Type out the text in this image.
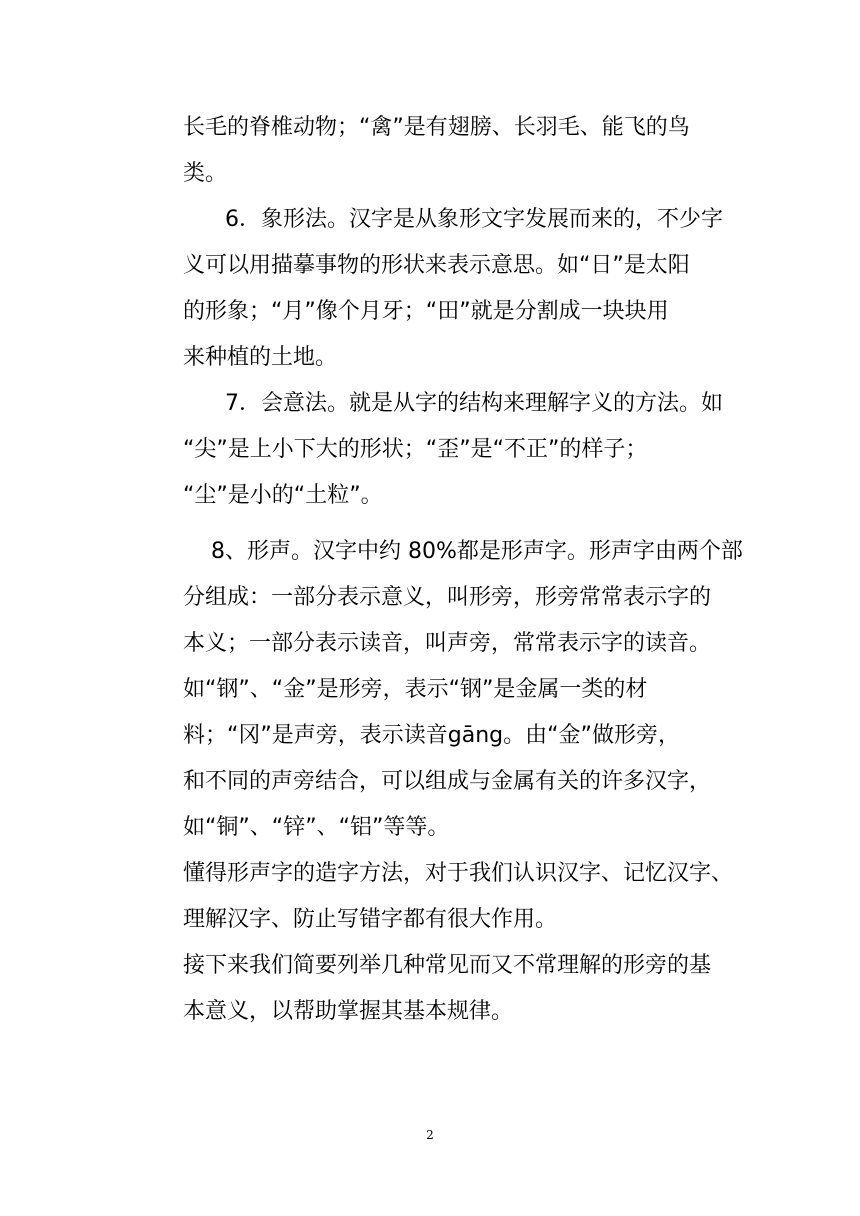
长毛的脊椎动物；“禽”是有翅膀、长羽毛、能飞的鸟
类。
6．象形法。汉字是从象形文字发展而来的，不少字
义可以用描摹事物的形状来表示意思。如“日”是太阳
的形象；“月”像个月牙；“田”就是分割成一块块用
来种植的土地。
7．会意法。就是从字的结构来理解字义的方法。如
“尖”是上小下大的形状；“歪”是“不正”的样子；
“尘”是小的“土粒”。
8、形声。汉字中约 80%都是形声字。形声字由两个部
分组成：一部分表示意义，叫形旁，形旁常常表示字的
本义；一部分表示读音，叫声旁，常常表示字的读音。
如“钢”、“金”是形旁，表示“钢”是金属一类的材
料；“冈”是声旁，表示读音gāng。由“金”做形旁，
和不同的声旁结合，可以组成与金属有关的许多汉字，
如“铜”、“锌”、“铝”等等。
懂得形声字的造字方法，对于我们认识汉字、记忆汉字、
理解汉字、防止写错字都有很大作用。
接下来我们简要列举几种常见而又不常理解的形旁的基
本意义，以帮助掌握其基本规律。
2
